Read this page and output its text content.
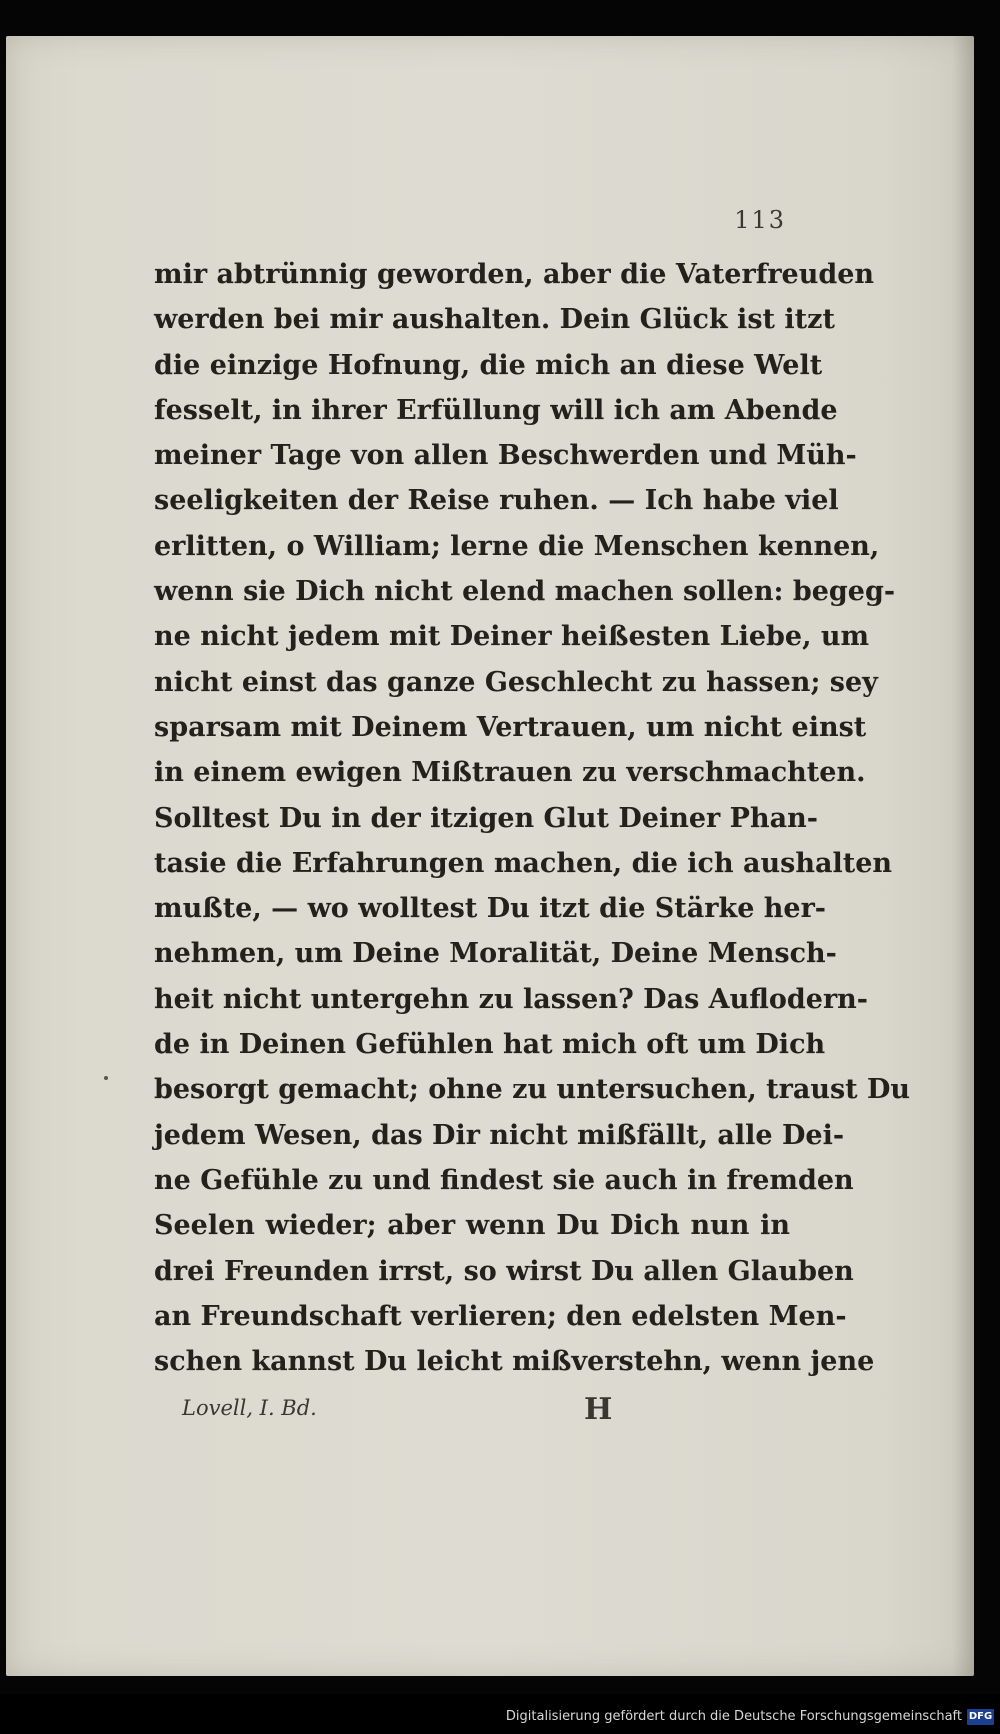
113
mir abtrünnig geworden, aber die Vaterfreuden
werden bei mir aushalten. Dein Glück ist itzt
die einzige Hofnung, die mich an diese Welt
fesselt, in ihrer Erfüllung will ich am Abende
meiner Tage von allen Beschwerden und Müh-
seeligkeiten der Reise ruhen. — Ich habe viel
erlitten, o William; lerne die Menschen kennen,
wenn sie Dich nicht elend machen sollen: begeg-
ne nicht jedem mit Deiner heißesten Liebe, um
nicht einst das ganze Geschlecht zu hassen; sey
sparsam mit Deinem Vertrauen, um nicht einst
in einem ewigen Mißtrauen zu verschmachten.
Solltest Du in der itzigen Glut Deiner Phan-
tasie die Erfahrungen machen, die ich aushalten
mußte, — wo wolltest Du itzt die Stärke her-
nehmen, um Deine Moralität, Deine Mensch-
heit nicht untergehn zu lassen? Das Auflodern-
de in Deinen Gefühlen hat mich oft um Dich
besorgt gemacht; ohne zu untersuchen, traust Du
jedem Wesen, das Dir nicht mißfällt, alle Dei-
ne Gefühle zu und findest sie auch in fremden
Seelen wieder; aber wenn Du Dich nun in
drei Freunden irrst, so wirst Du allen Glauben
an Freundschaft verlieren; den edelsten Men-
schen kannst Du leicht mißverstehn, wenn jene
Lovell, I. Bd.	H
Digitalisierung gefördert durch die Deutsche Forschungsgemeinschaft DFG
